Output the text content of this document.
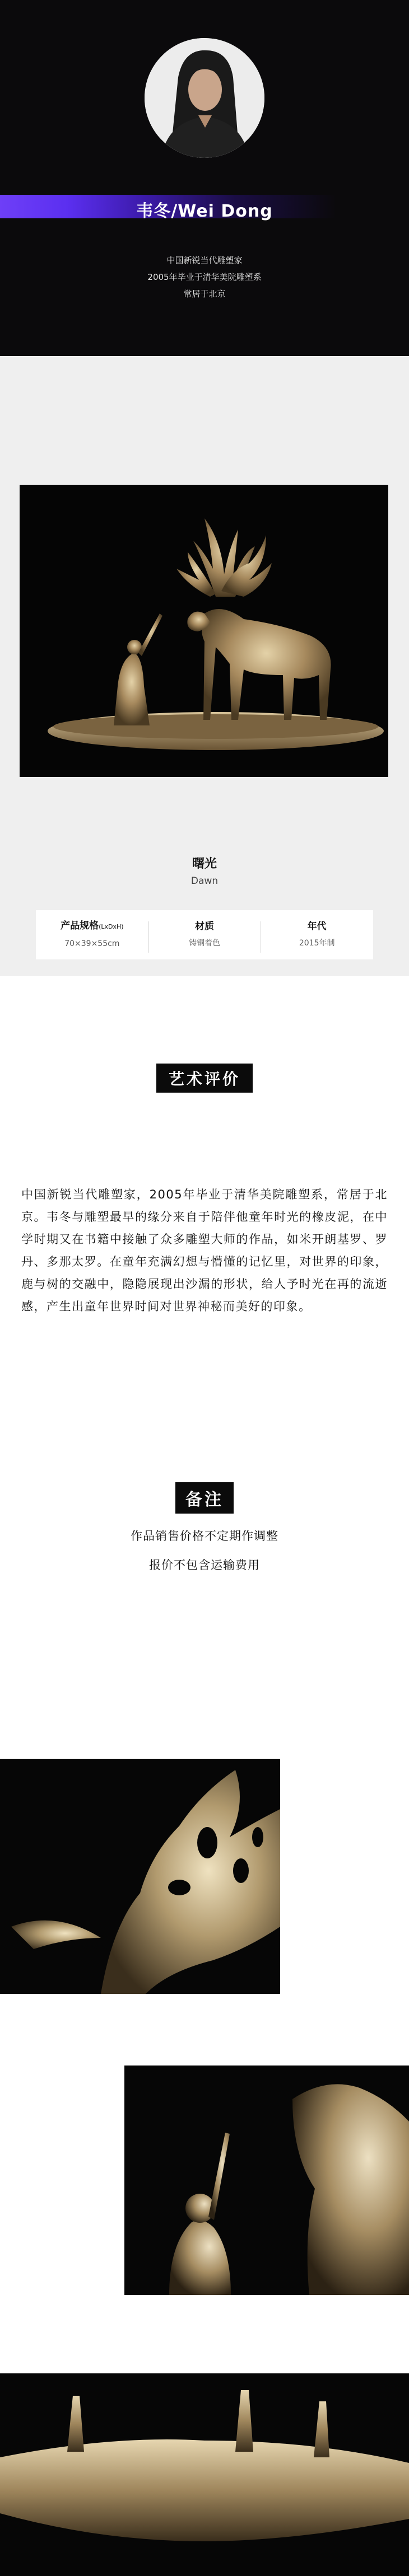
韦冬/Wei Dong
中国新锐当代雕塑家
2005年毕业于清华美院雕塑系
常居于北京
曙光
Dawn
产品规格(LxDxH)
70×39×55cm
材质
铸铜着色
年代
2015年制
艺术评价

中国新锐当代雕塑家，2005年毕业于清华美院雕塑系，常居于北京。韦冬与雕塑最早的缘分来自于陪伴他童年时光的橡皮泥，在中学时期又在书籍中接触了众多雕塑大师的作品，如米开朗基罗、罗丹、多那太罗。在童年充满幻想与懵懂的记忆里，对世界的印象，鹿与树的交融中，隐隐展现出沙漏的形状，给人予时光在再的流逝感，产生出童年世界时间对世界神秘而美好的印象。

备注
作品销售价格不定期作调整
报价不包含运输费用
